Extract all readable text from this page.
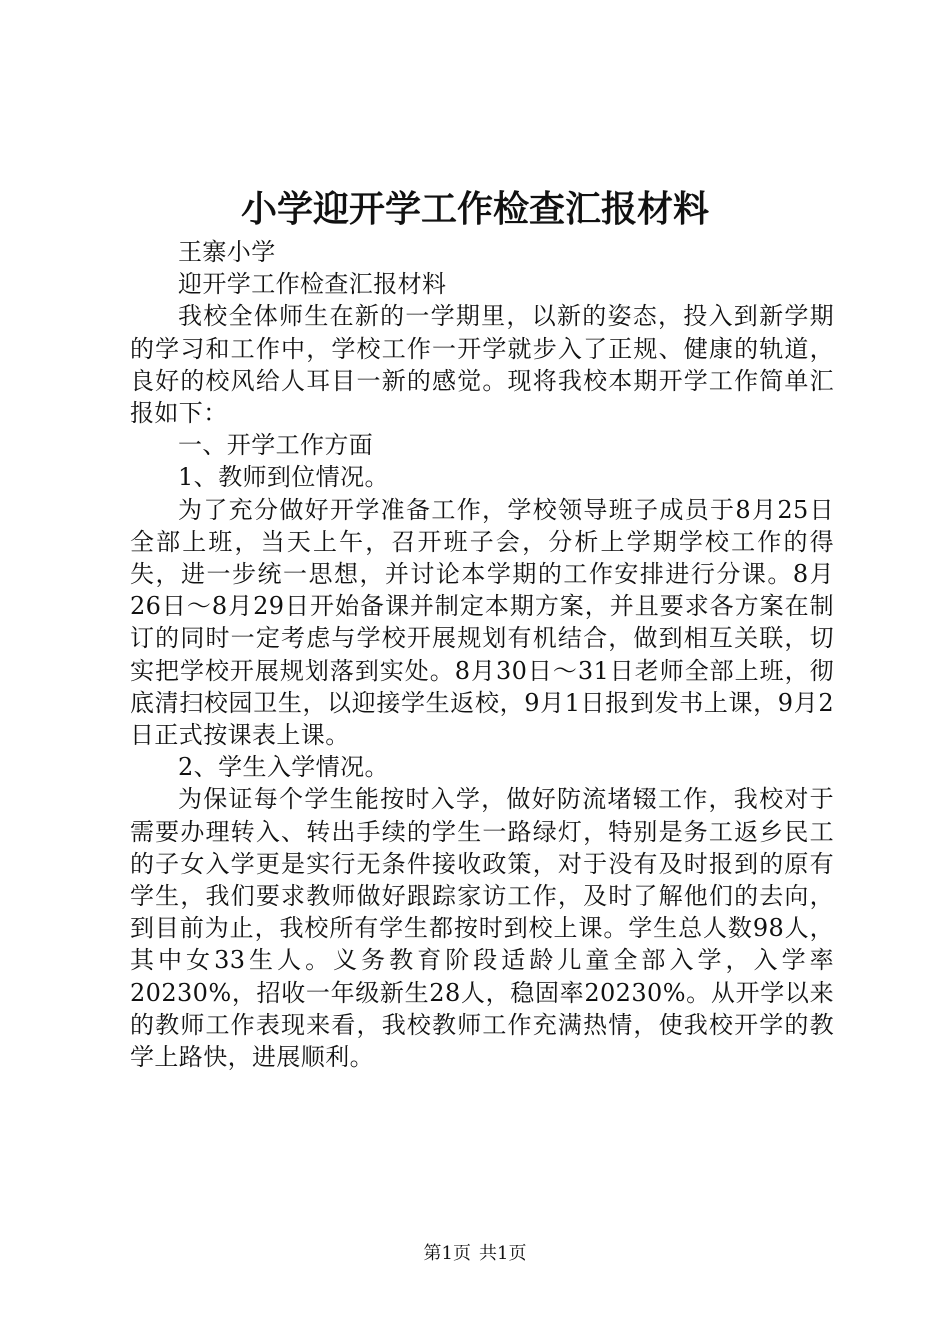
小学迎开学工作检查汇报材料

王寨小学

迎开学工作检查汇报材料

我校全体师生在新的一学期里，以新的姿态，投入到新学期的学习和工作中，学校工作一开学就步入了正规、健康的轨道，良好的校风给人耳目一新的感觉。现将我校本期开学工作简单汇报如下：

一、开学工作方面

1、教师到位情况。

为了充分做好开学准备工作，学校领导班子成员于8月25日全部上班，当天上午，召开班子会，分析上学期学校工作的得失，进一步统一思想，并讨论本学期的工作安排进行分课。8月26日～8月29日开始备课并制定本期方案，并且要求各方案在制订的同时一定考虑与学校开展规划有机结合，做到相互关联，切实把学校开展规划落到实处。8月30日～31日老师全部上班，彻底清扫校园卫生，以迎接学生返校，9月1日报到发书上课，9月2日正式按课表上课。

2、学生入学情况。

为保证每个学生能按时入学，做好防流堵辍工作，我校对于需要办理转入、转出手续的学生一路绿灯，特别是务工返乡民工的子女入学更是实行无条件接收政策，对于没有及时报到的原有学生，我们要求教师做好跟踪家访工作，及时了解他们的去向，到目前为止，我校所有学生都按时到校上课。学生总人数98人，其中女33生人。义务教育阶段适龄儿童全部入学，入学率20230%，招收一年级新生28人，稳固率20230%。从开学以来的教师工作表现来看，我校教师工作充满热情，使我校开学的教学上路快，进展顺利。

第1页 共1页
